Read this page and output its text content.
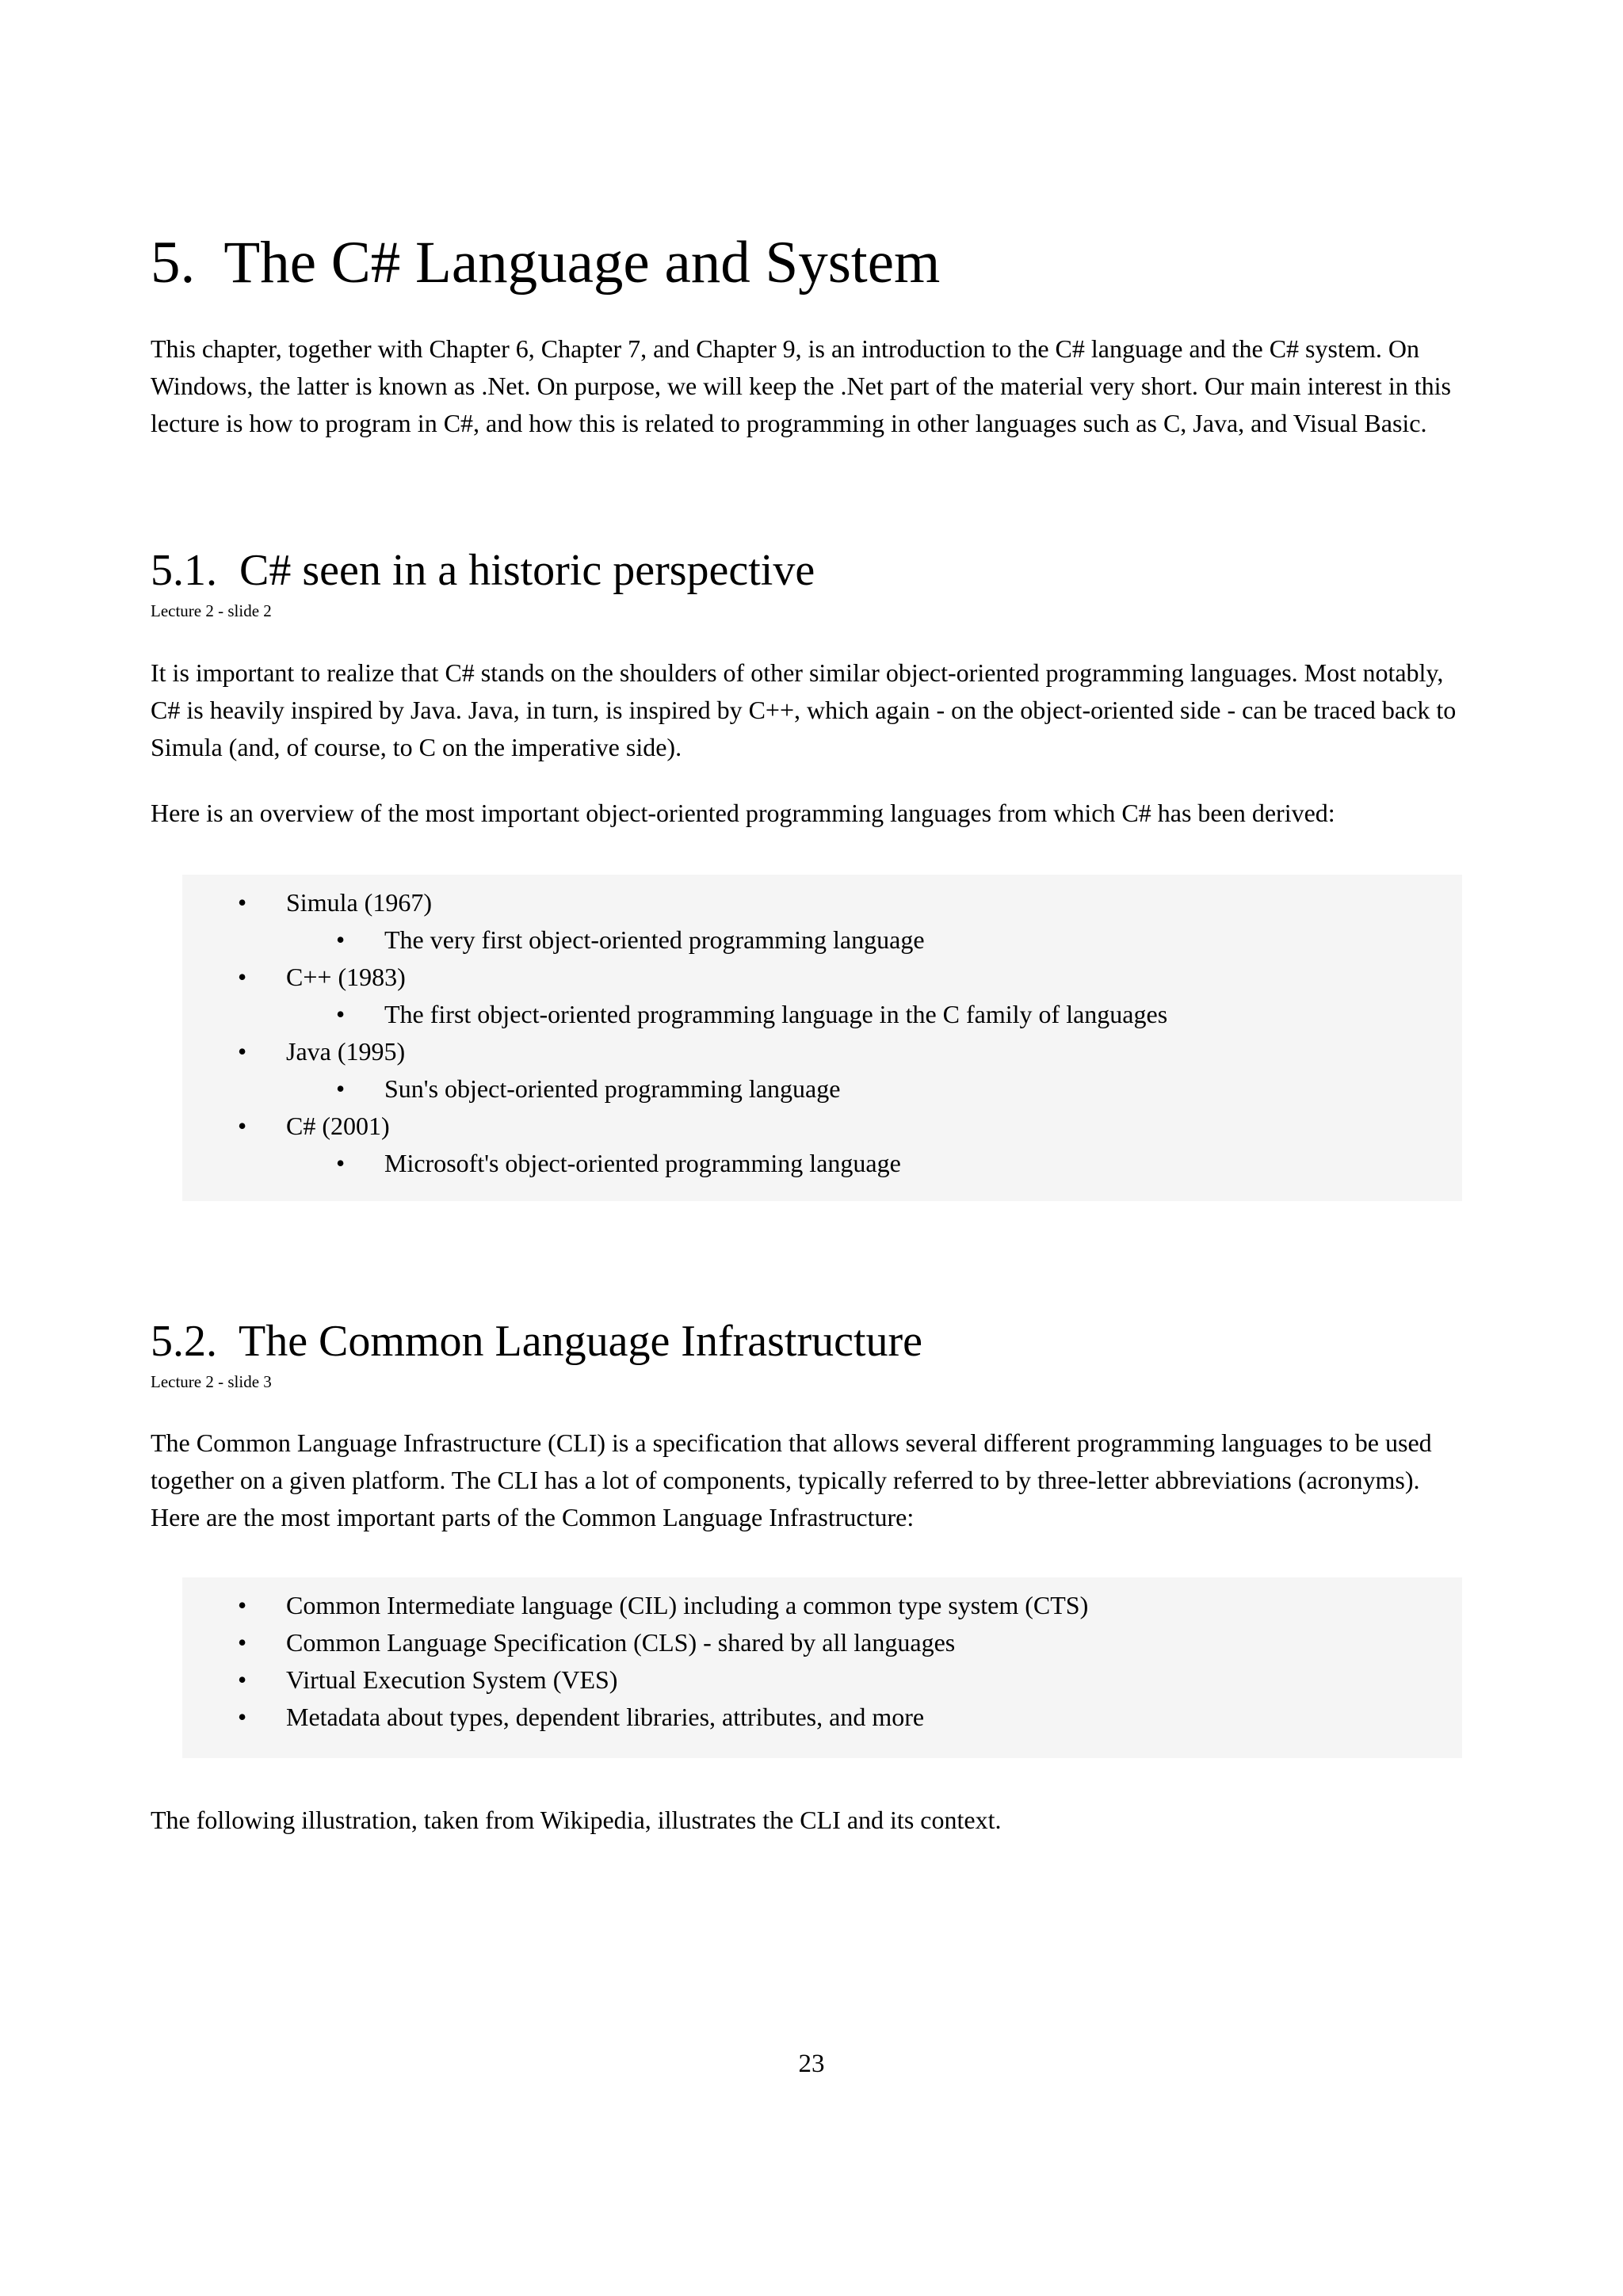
5.  The C# Language and System

This chapter, together with Chapter 6, Chapter 7, and Chapter 9, is an introduction to the C# language and the C# system. On Windows, the latter is known as .Net. On purpose, we will keep the .Net part of the material very short. Our main interest in this lecture is how to program in C#, and how this is related to programming in other languages such as C, Java, and Visual Basic.

5.1.  C# seen in a historic perspective
Lecture 2 - slide 2

It is important to realize that C# stands on the shoulders of other similar object-oriented programming languages. Most notably, C# is heavily inspired by Java. Java, in turn, is inspired by C++, which again - on the object-oriented side - can be traced back to Simula (and, of course, to C on the imperative side).

Here is an overview of the most important object-oriented programming languages from which C# has been derived:

• Simula (1967)
• The very first object-oriented programming language
• C++ (1983)
• The first object-oriented programming language in the C family of languages
• Java (1995)
• Sun's object-oriented programming language
• C# (2001)
• Microsoft's object-oriented programming language
5.2.  The Common Language Infrastructure
Lecture 2 - slide 3

The Common Language Infrastructure (CLI) is a specification that allows several different programming languages to be used together on a given platform. The CLI has a lot of components, typically referred to by three-letter abbreviations (acronyms). Here are the most important parts of the Common Language Infrastructure:

• Common Intermediate language (CIL) including a common type system (CTS)
• Common Language Specification (CLS) - shared by all languages
• Virtual Execution System (VES)
• Metadata about types, dependent libraries, attributes, and more

The following illustration, taken from Wikipedia, illustrates the CLI and its context.

23
